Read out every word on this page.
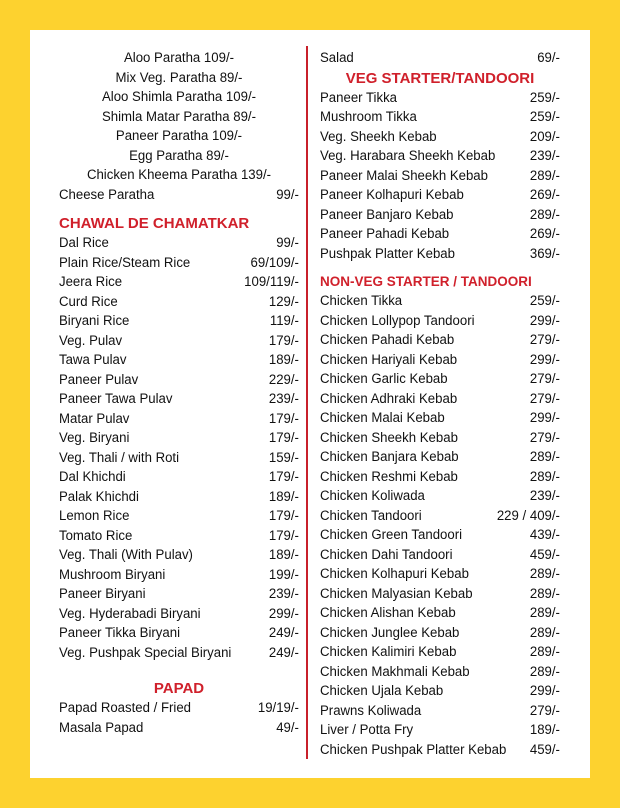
Aloo Paratha 109/-
Mix Veg. Paratha 89/-
Aloo Shimla Paratha 109/-
Shimla Matar Paratha 89/-
Paneer Paratha 109/-
Egg Paratha 89/-
Chicken Kheema Paratha 139/-
Cheese Paratha	99/-
CHAWAL DE CHAMATKAR
Dal Rice	99/-
Plain Rice/Steam Rice	69/109/-
Jeera Rice	109/119/-
Curd Rice	129/-
Biryani Rice	119/-
Veg. Pulav	179/-
Tawa Pulav	189/-
Paneer Pulav	229/-
Paneer Tawa Pulav	239/-
Matar Pulav	179/-
Veg. Biryani	179/-
Veg. Thali / with Roti	159/-
Dal Khichdi	179/-
Palak Khichdi	189/-
Lemon Rice	179/-
Tomato Rice	179/-
Veg. Thali (With Pulav)	189/-
Mushroom Biryani	199/-
Paneer Biryani	239/-
Veg. Hyderabadi Biryani	299/-
Paneer Tikka Biryani	249/-
Veg. Pushpak Special Biryani	249/-
PAPAD
Papad Roasted / Fried	19/19/-
Masala Papad	49/-
Salad	69/-
VEG STARTER/TANDOORI
Paneer Tikka	259/-
Mushroom Tikka	259/-
Veg. Sheekh Kebab	209/-
Veg. Harabara Sheekh Kebab 239/-
Paneer Malai Sheekh Kebab	289/-
Paneer Kolhapuri Kebab	269/-
Paneer Banjaro Kebab	289/-
Paneer Pahadi Kebab	269/-
Pushpak Platter Kebab	369/-
NON-VEG STARTER / TANDOORI
Chicken Tikka	259/-
Chicken Lollypop Tandoori	299/-
Chicken Pahadi Kebab	279/-
Chicken Hariyali Kebab	299/-
Chicken Garlic Kebab	279/-
Chicken Adhraki Kebab	279/-
Chicken Malai Kebab	299/-
Chicken Sheekh Kebab	279/-
Chicken Banjara Kebab	289/-
Chicken Reshmi Kebab	289/-
Chicken Koliwada	239/-
Chicken Tandoori	229 / 409/-
Chicken Green Tandoori	439/-
Chicken Dahi Tandoori	459/-
Chicken Kolhapuri Kebab	289/-
Chicken Malyasian Kebab	289/-
Chicken Alishan Kebab	289/-
Chicken Junglee Kebab	289/-
Chicken Kalimiri Kebab	289/-
Chicken Makhmali Kebab	289/-
Chicken Ujala Kebab	299/-
Prawns Koliwada	279/-
Liver / Potta Fry	189/-
Chicken Pushpak Platter Kebab 459/-
